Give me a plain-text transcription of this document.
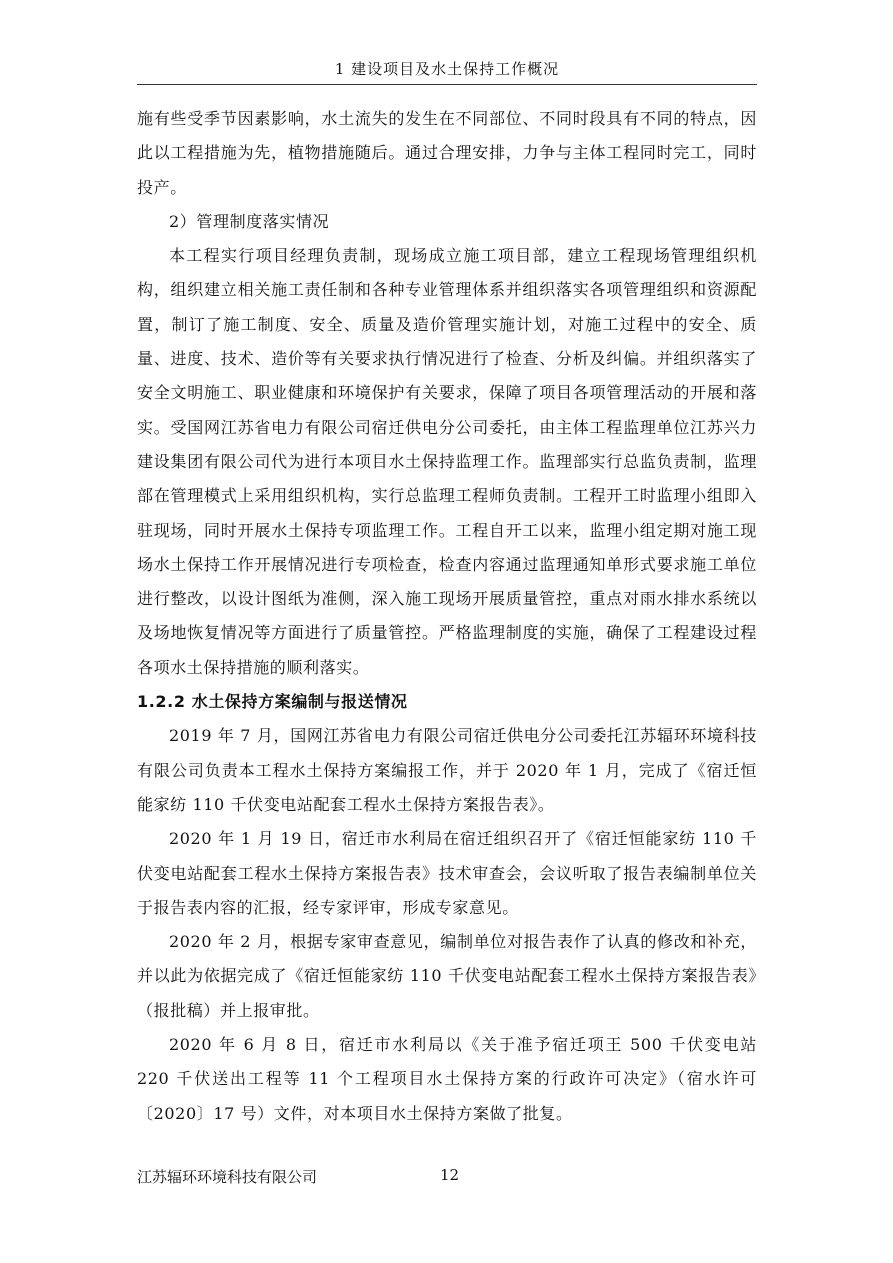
1 建设项目及水土保持工作概况

施有些受季节因素影响，水土流失的发生在不同部位、不同时段具有不同的特点，因此以工程措施为先，植物措施随后。通过合理安排，力争与主体工程同时完工，同时投产。

2）管理制度落实情况

本工程实行项目经理负责制，现场成立施工项目部，建立工程现场管理组织机构，组织建立相关施工责任制和各种专业管理体系并组织落实各项管理组织和资源配置，制订了施工制度、安全、质量及造价管理实施计划，对施工过程中的安全、质量、进度、技术、造价等有关要求执行情况进行了检查、分析及纠偏。并组织落实了安全文明施工、职业健康和环境保护有关要求，保障了项目各项管理活动的开展和落实。受国网江苏省电力有限公司宿迁供电分公司委托，由主体工程监理单位江苏兴力建设集团有限公司代为进行本项目水土保持监理工作。监理部实行总监负责制，监理部在管理模式上采用组织机构，实行总监理工程师负责制。工程开工时监理小组即入驻现场，同时开展水土保持专项监理工作。工程自开工以来，监理小组定期对施工现场水土保持工作开展情况进行专项检查，检查内容通过监理通知单形式要求施工单位进行整改，以设计图纸为准侧，深入施工现场开展质量管控，重点对雨水排水系统以及场地恢复情况等方面进行了质量管控。严格监理制度的实施，确保了工程建设过程各项水土保持措施的顺利落实。

1.2.2 水土保持方案编制与报送情况

2019 年 7 月，国网江苏省电力有限公司宿迁供电分公司委托江苏辐环环境科技有限公司负责本工程水土保持方案编报工作，并于 2020 年 1 月，完成了《宿迁恒能家纺 110 千伏变电站配套工程水土保持方案报告表》。

2020 年 1 月 19 日，宿迁市水利局在宿迁组织召开了《宿迁恒能家纺 110 千伏变电站配套工程水土保持方案报告表》技术审查会，会议听取了报告表编制单位关于报告表内容的汇报，经专家评审，形成专家意见。

2020 年 2 月，根据专家审查意见，编制单位对报告表作了认真的修改和补充，并以此为依据完成了《宿迁恒能家纺 110 千伏变电站配套工程水土保持方案报告表》（报批稿）并上报审批。

2020 年 6 月 8 日，宿迁市水利局以《关于准予宿迁项王 500 千伏变电站 220 千伏送出工程等 11 个工程项目水土保持方案的行政许可决定》（宿水许可〔2020〕17 号）文件，对本项目水土保持方案做了批复。

江苏辐环环境科技有限公司	12
